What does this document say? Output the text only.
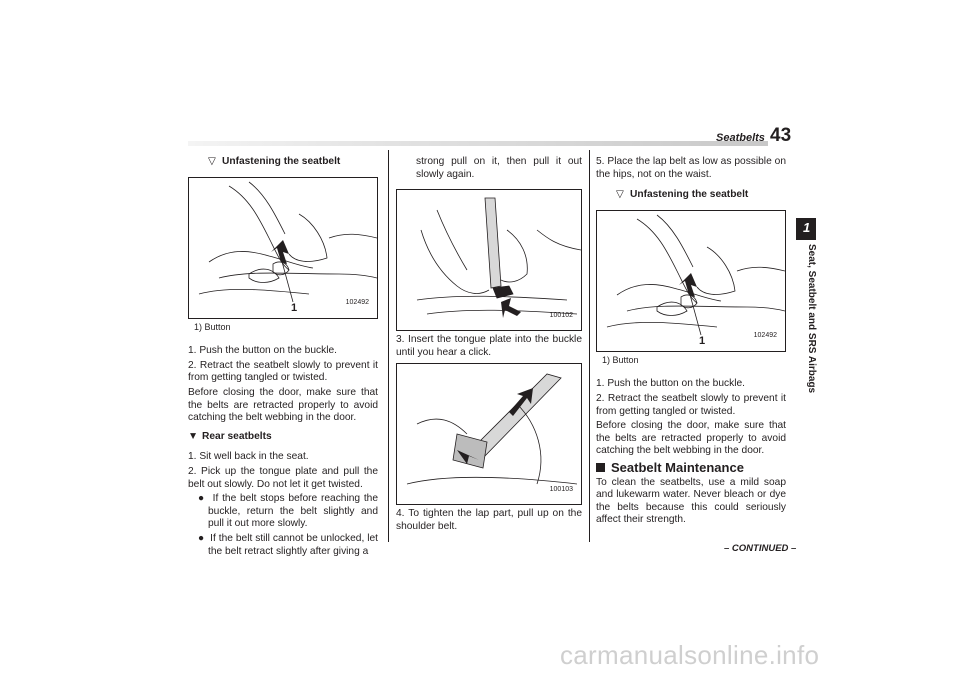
Seatbelts 43

▽ Unfastening the seatbelt

1	102492

1) Button

1. Push the button on the buckle.

2. Retract the seatbelt slowly to prevent it from getting tangled or twisted.

Before closing the door, make sure that the belts are retracted properly to avoid catching the belt webbing in the door.

▼ Rear seatbelts

1. Sit well back in the seat.

2. Pick up the tongue plate and pull the belt out slowly. Do not let it get twisted.

● If the belt stops before reaching the buckle, return the belt slightly and pull it out more slowly.

● If the belt still cannot be unlocked, let the belt retract slightly after giving a

strong pull on it, then pull it out slowly again.

100102

3. Insert the tongue plate into the buckle until you hear a click.

100103

4. To tighten the lap part, pull up on the shoulder belt.

5. Place the lap belt as low as possible on the hips, not on the waist.

▽ Unfastening the seatbelt

1	102492

1) Button

1. Push the button on the buckle.

2. Retract the seatbelt slowly to prevent it from getting tangled or twisted.

Before closing the door, make sure that the belts are retracted properly to avoid catching the belt webbing in the door.

Seatbelt Maintenance

To clean the seatbelts, use a mild soap and lukewarm water. Never bleach or dye the belts because this could seriously affect their strength.

1
Seat, Seatbelt and SRS Airbags
– CONTINUED –
carmanualsonline.info
